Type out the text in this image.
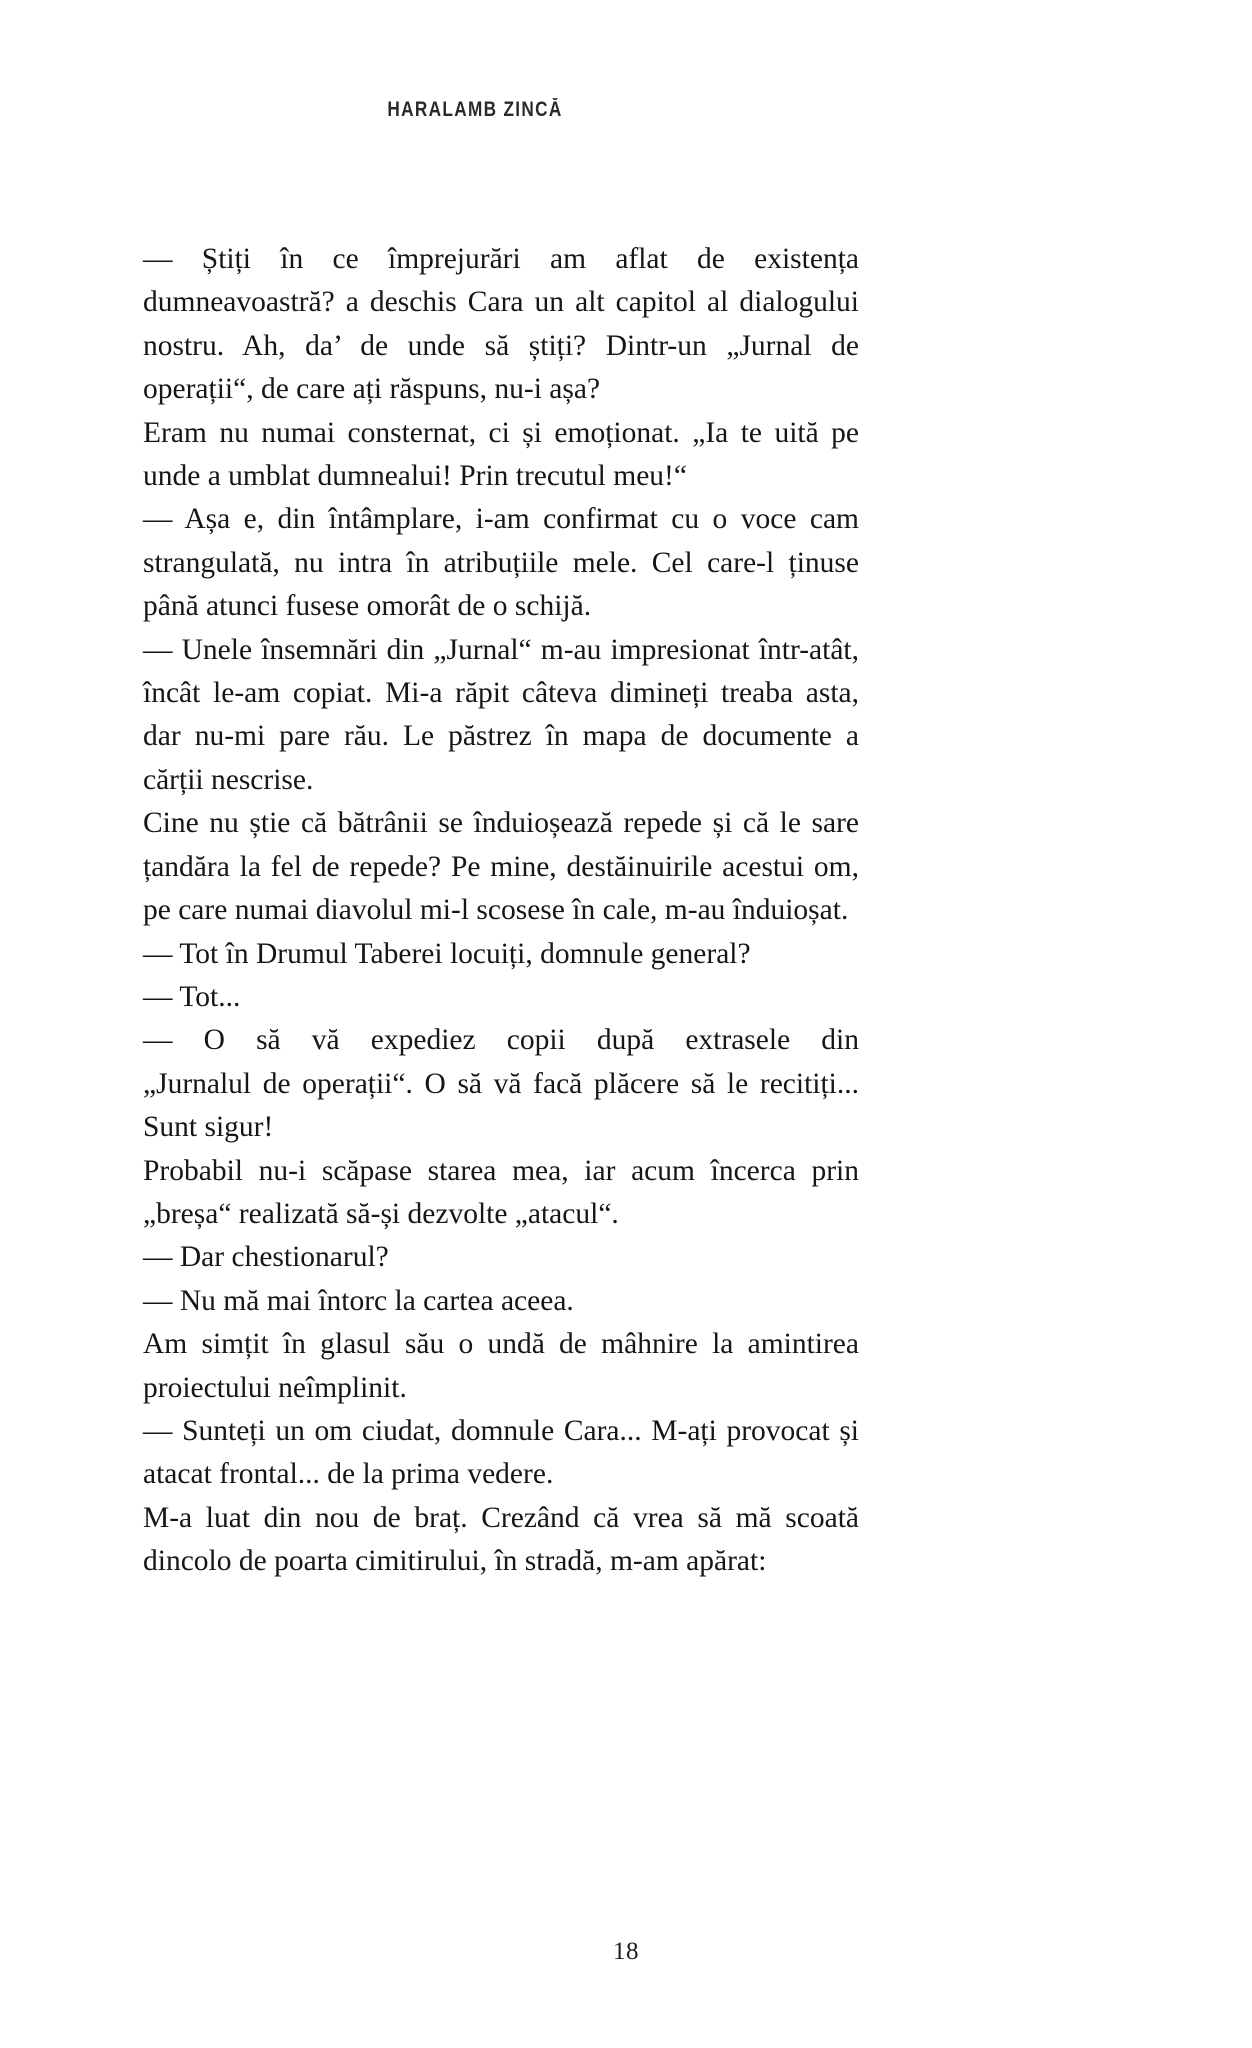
HARALAMB ZINCĂ

— Știți în ce împrejurări am aflat de existența dumneavoastră? a deschis Cara un alt capitol al dialogului nostru. Ah, da’ de unde să știți? Dintr-un „Jurnal de operații“, de care ați răspuns, nu-i așa?

Eram nu numai consternat, ci și emoționat. „Ia te uită pe unde a umblat dumnealui! Prin trecutul meu!“

— Așa e, din întâmplare, i-am confirmat cu o voce cam strangulată, nu intra în atribuțiile mele. Cel care-l ținuse până atunci fusese omorât de o schijă.

— Unele însemnări din „Jurnal“ m-au impresionat într-atât, încât le-am copiat. Mi-a răpit câteva dimineți treaba asta, dar nu-mi pare rău. Le păstrez în mapa de documente a cărții nescrise.

Cine nu știe că bătrânii se înduioșează repede și că le sare țandăra la fel de repede? Pe mine, destăinuirile acestui om, pe care numai diavolul mi-l scosese în cale, m-au înduioșat.

— Tot în Drumul Taberei locuiți, domnule general?

— Tot...

— O să vă expediez copii după extrasele din
„Jurnalul de operații“. O să vă facă plăcere să le recitiți... Sunt sigur!

Probabil nu-i scăpase starea mea, iar acum încerca prin „breșa“ realizată să-și dezvolte „atacul“.

— Dar chestionarul?

— Nu mă mai întorc la cartea aceea.

Am simțit în glasul său o undă de mâhnire la amintirea proiectului neîmplinit.

— Sunteți un om ciudat, domnule Cara... M-ați provocat și atacat frontal... de la prima vedere.

M-a luat din nou de braț. Crezând că vrea să mă scoată dincolo de poarta cimitirului, în stradă, m-am apărat:

18
